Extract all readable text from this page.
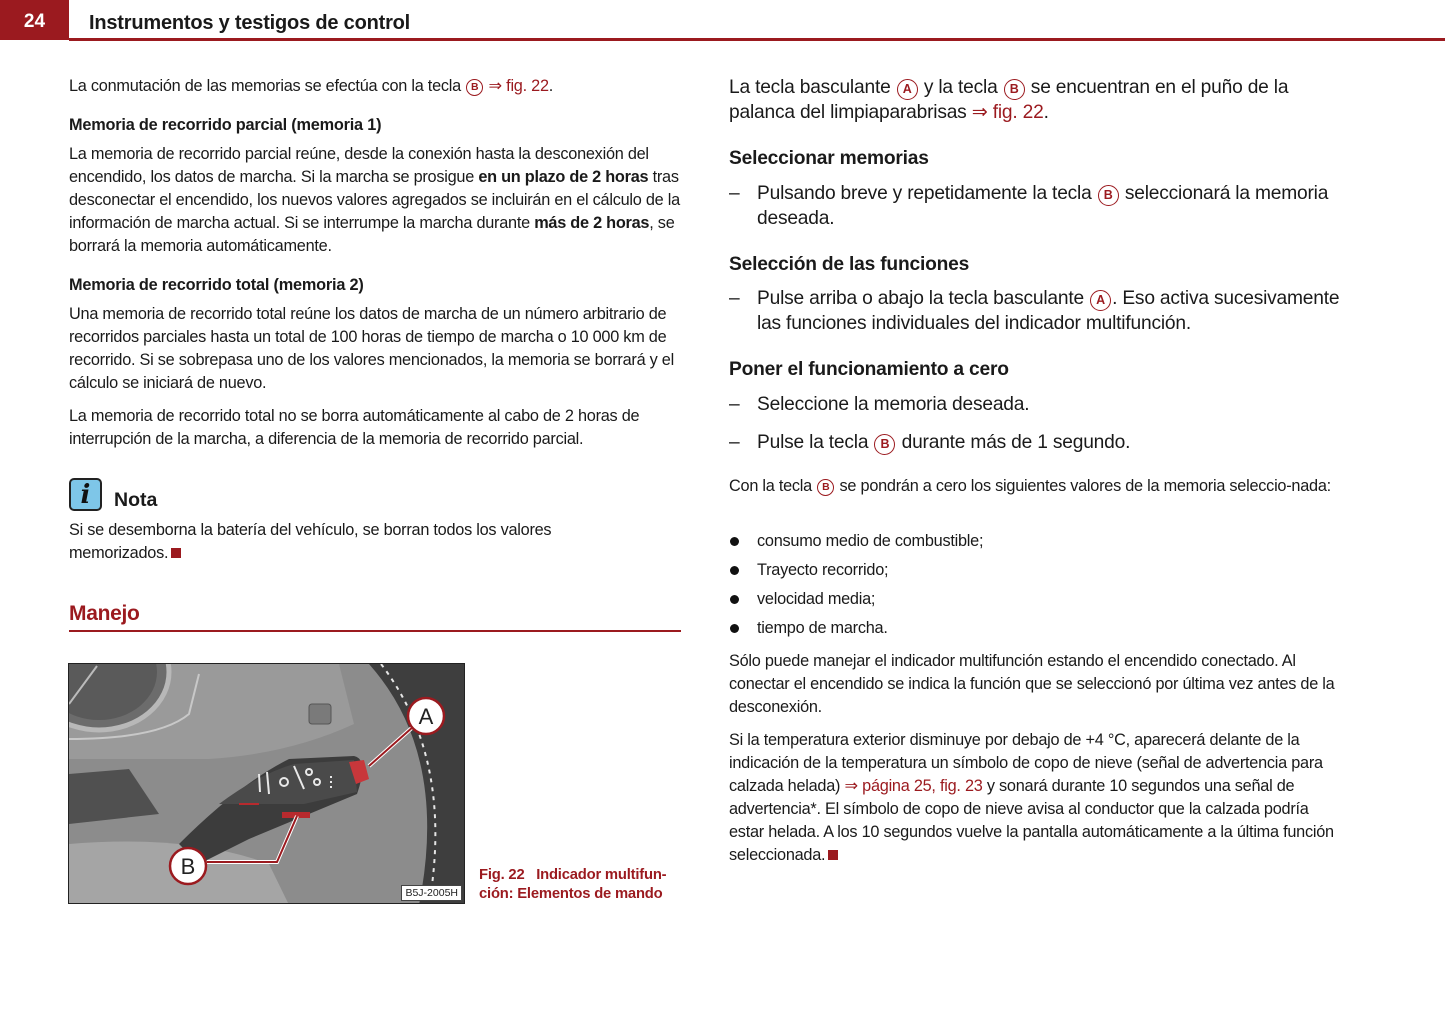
24	Instrumentos y testigos de control

La conmutación de las memorias se efectúa con la tecla B ⇒ fig. 22.

Memoria de recorrido parcial (memoria 1)

La memoria de recorrido parcial reúne, desde la conexión hasta la desconexión del encendido, los datos de marcha. Si la marcha se prosigue en un plazo de 2 horas tras desconectar el encendido, los nuevos valores agregados se incluirán en el cálculo de la información de marcha actual. Si se interrumpe la marcha durante más de 2 horas, se borrará la memoria automáticamente.

Memoria de recorrido total (memoria 2)

Una memoria de recorrido total reúne los datos de marcha de un número arbitrario de recorridos parciales hasta un total de 100 horas de tiempo de marcha o 10 000 km de recorrido. Si se sobrepasa uno de los valores mencionados, la memoria se borrará y el cálculo se iniciará de nuevo.

La memoria de recorrido total no se borra automáticamente al cabo de 2 horas de interrupción de la marcha, a diferencia de la memoria de recorrido parcial.

i Nota

Si se desemborna la batería del vehículo, se borran todos los valores memorizados.

Manejo
A
B
B5J-2005H
Fig. 22 Indicador multifun-ción: Elementos de mando

La tecla basculante A y la tecla B se encuentran en el puño de la palanca del limpiaparabrisas ⇒ fig. 22.

Seleccionar memorias
– Pulsando breve y repetidamente la tecla B seleccionará la memoria deseada.
Selección de las funciones
– Pulse arriba o abajo la tecla basculante A . Eso activa sucesivamente las funciones individuales del indicador multifunción.
Poner el funcionamiento a cero
– Seleccione la memoria deseada.
– Pulse la tecla B durante más de 1 segundo.

Con la tecla B se pondrán a cero los siguientes valores de la memoria seleccio-nada:

consumo medio de combustible;
Trayecto recorrido;
velocidad media;
tiempo de marcha.

Sólo puede manejar el indicador multifunción estando el encendido conectado. Al conectar el encendido se indica la función que se seleccionó por última vez antes de la desconexión.

Si la temperatura exterior disminuye por debajo de +4 °C, aparecerá delante de la indicación de la temperatura un símbolo de copo de nieve (señal de advertencia para calzada helada) ⇒ página 25, fig. 23 y sonará durante 10 segundos una señal de advertencia*. El símbolo de copo de nieve avisa al conductor que la calzada podría estar helada. A los 10 segundos vuelve la pantalla automáticamente a la última función seleccionada.
